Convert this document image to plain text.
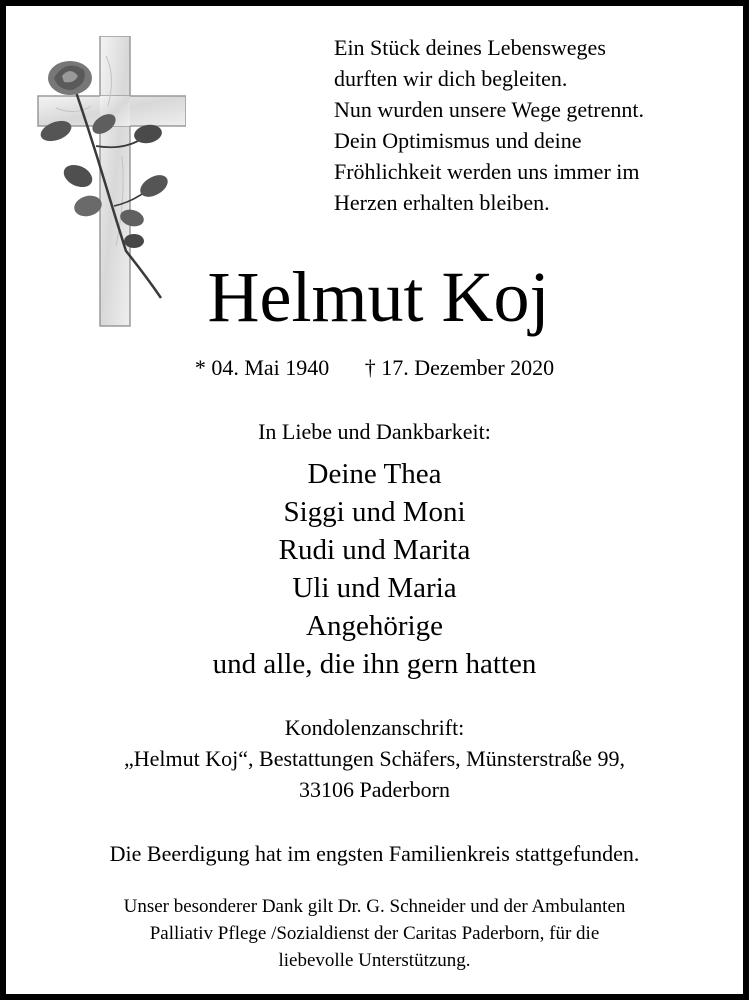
Ein Stück deines Lebensweges
durften wir dich begleiten.
Nun wurden unsere Wege getrennt.
Dein Optimismus und deine
Fröhlichkeit werden uns immer im
Herzen erhalten bleiben.
Helmut Koj
* 04. Mai 1940 † 17. Dezember 2020
In Liebe und Dankbarkeit:
Deine Thea
Siggi und Moni
Rudi und Marita
Uli und Maria
Angehörige
und alle, die ihn gern hatten
Kondolenzanschrift:
„Helmut Koj“, Bestattungen Schäfers, Münsterstraße 99,
33106 Paderborn
Die Beerdigung hat im engsten Familienkreis stattgefunden.
Unser besonderer Dank gilt Dr. G. Schneider und der Ambulanten
Palliativ Pflege /Sozialdienst der Caritas Paderborn, für die
liebevolle Unterstützung.
